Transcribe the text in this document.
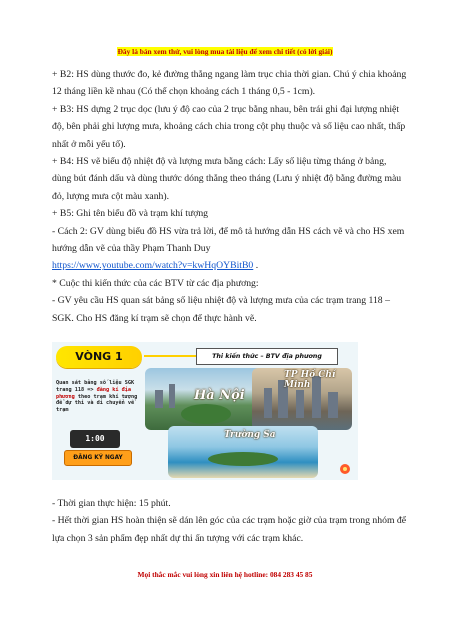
Đây là bản xem thử, vui lòng mua tài liệu để xem chi tiết (có lời giải)

+ B2: HS dùng thước đo, kẻ đường thẳng ngang làm trục chia thời gian. Chú ý chia khoảng 12 tháng liền kề nhau (Có thể chọn khoảng cách 1 tháng 0,5 - 1cm).

+ B3: HS dựng 2 trục dọc (lưu ý độ cao của 2 trục bằng nhau, bên trái ghi đại lượng nhiệt độ, bên phải ghi lượng mưa, khoảng cách chia trong cột phụ thuộc và số liệu cao nhất, thấp nhất ở mỗi yếu tố).

+ B4: HS vẽ biểu độ nhiệt độ và lượng mưa bằng cách: Lấy số liệu từng tháng ở bảng, dùng bút đánh dấu và dùng thước dóng thẳng theo tháng (Lưu ý nhiệt độ bằng đường màu đỏ, lượng mưa cột màu xanh).

+ B5: Ghi tên biểu đồ và trạm khí tượng

- Cách 2: GV dùng biểu đồ HS vừa trả lời, để mô tả hướng dẫn HS cách vẽ và cho HS xem hướng dẫn vẽ của thầy Phạm Thanh Duy

https://www.youtube.com/watch?v=kwHqOYBitB0 .

* Cuộc thi kiến thức của các BTV từ các địa phương:

- GV yêu cầu HS quan sát bảng số liệu nhiệt độ và lượng mưa của các trạm trang 118 – SGK. Cho HS đăng kí trạm sẽ chọn để thực hành vẽ.

VÒNG 1	Thi kiến thức – BTV địa phương
Quan sát bảng số liệu SGK trang 118 => đăng kí địa phương theo trạm khí tượng để dự thi và di chuyển về trạm
1:00
ĐĂNG KÝ NGAY
Hà Nội
TP Hồ Chí Minh
Trường Sa

- Thời gian thực hiện: 15 phút.

- Hết thời gian HS hoàn thiện sẽ dán lên góc của các trạm hoặc giờ của trạm trong nhóm để lựa chọn 3 sản phẩm đẹp nhất dự thi ấn tượng với các trạm khác.

Mọi thắc mắc vui lòng xin liên hệ hotline: 084 283 45 85
